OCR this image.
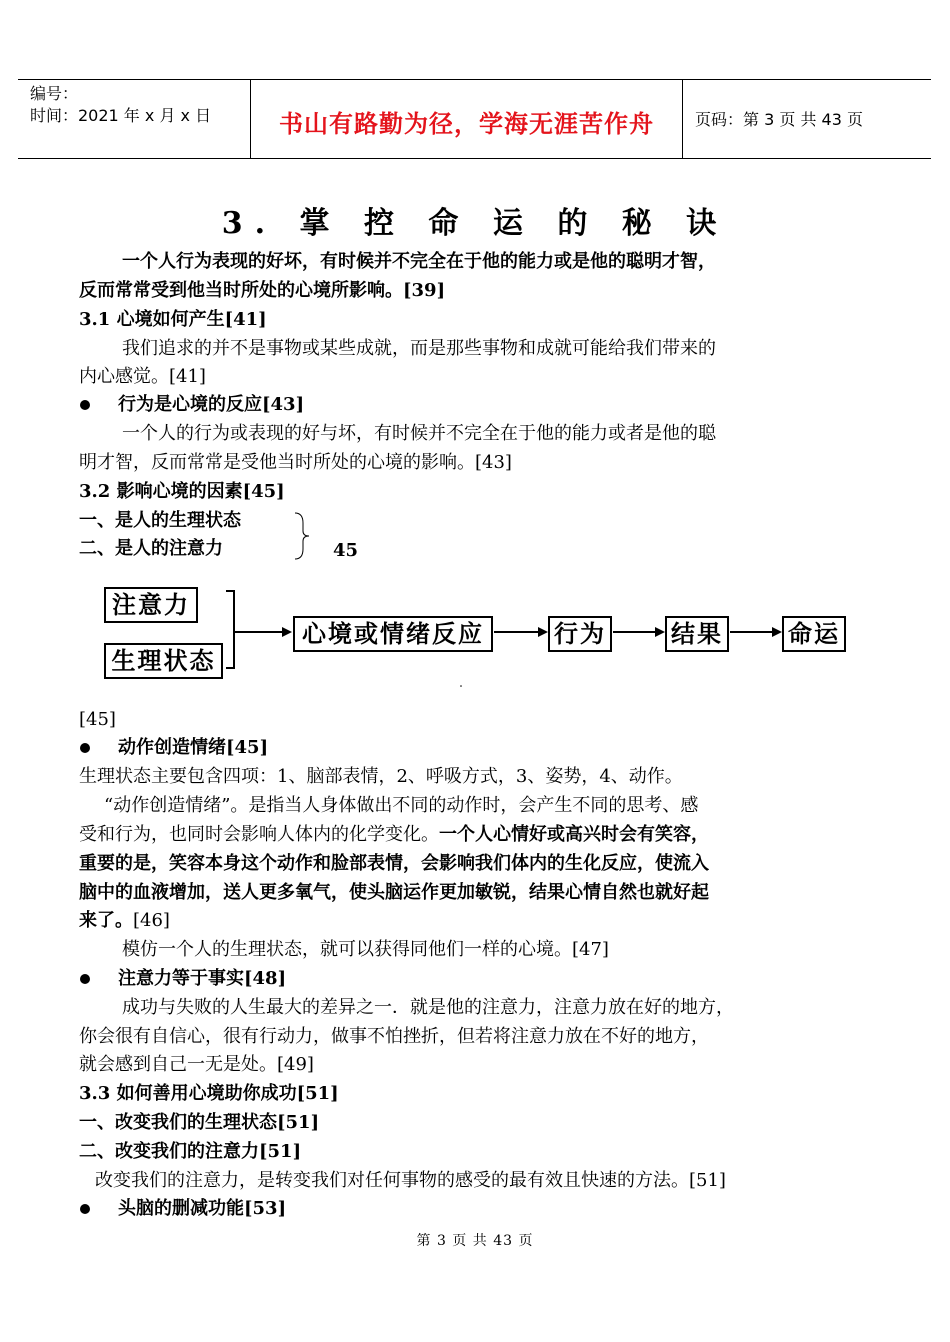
编号：
时间：2021 年 x 月 x 日	书山有路勤为径，学海无涯苦作舟	页码：第 3 页 共 43 页
3. 掌 控 命 运 的 秘 诀
一个人行为表现的好坏，有时候并不完全在于他的能力或是他的聪明才智，
反而常常受到他当时所处的心境所影响。[39]
3.1 心境如何产生[41]
我们追求的并不是事物或某些成就，而是那些事物和成就可能给我们带来的
内心感觉。[41]
行为是心境的反应[43]
一个人的行为或表现的好与坏，有时候并不完全在于他的能力或者是他的聪
明才智，反而常常是受他当时所处的心境的影响。[43]
3.2 影响心境的因素[45]
一、是人的生理状态
二、是人的注意力	45
注意力
生理状态
心境或情绪反应	行为	结果	命运
[45]
动作创造情绪[45]
生理状态主要包含四项：1、脑部表情，2、呼吸方式，3、姿势，4、动作。
“动作创造情绪”。是指当人身体做出不同的动作时，会产生不同的思考、感
受和行为，也同时会影响人体内的化学变化。一个人心情好或高兴时会有笑容，
重要的是，笑容本身这个动作和脸部表情，会影响我们体内的生化反应，使流入
脑中的血液增加，送人更多氧气，使头脑运作更加敏锐，结果心情自然也就好起
来了。[46]
模仿一个人的生理状态，就可以获得同他们一样的心境。[47]
注意力等于事实[48]
成功与失败的人生最大的差异之一．就是他的注意力，注意力放在好的地方，
你会很有自信心，很有行动力，做事不怕挫折，但若将注意力放在不好的地方，
就会感到自己一无是处。[49]
3.3 如何善用心境助你成功[51]
一、改变我们的生理状态[51]
二、改变我们的注意力[51]
改变我们的注意力，是转变我们对任何事物的感受的最有效且快速的方法。[51]
头脑的删减功能[53]
第 3 页 共 43 页
